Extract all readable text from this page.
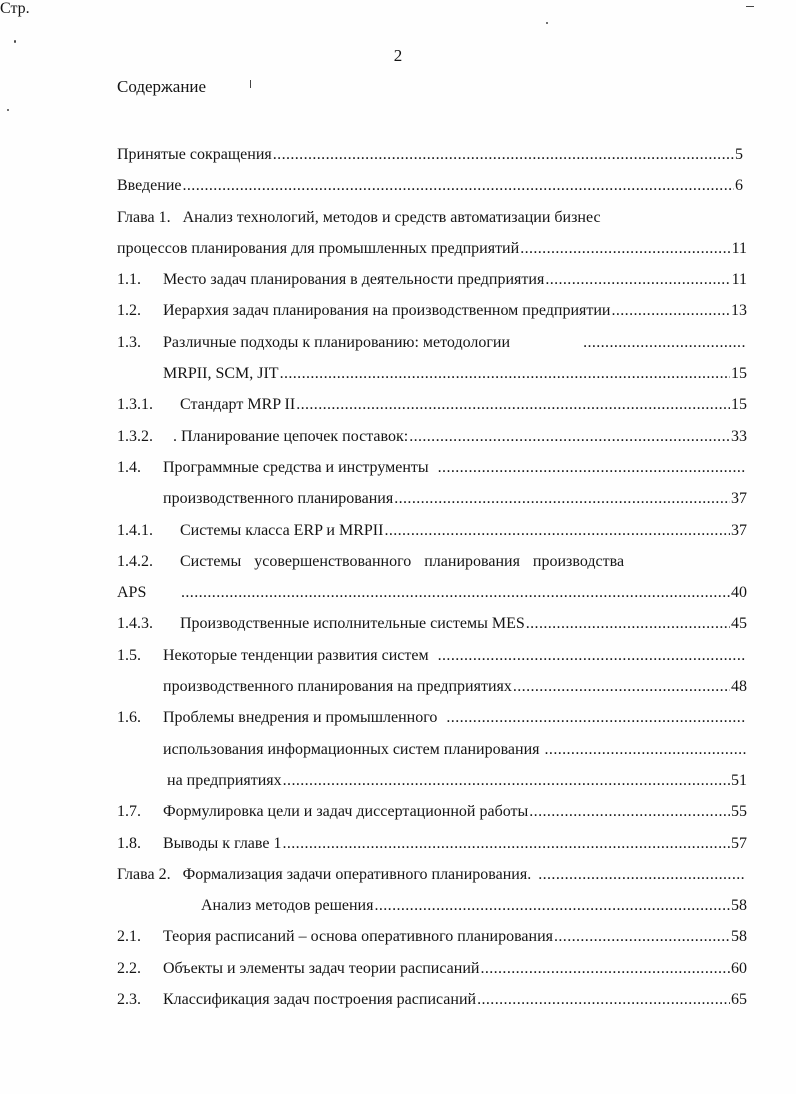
2
Содержание
Стр.
Принятые сокращения .....	5
Введение .....	6
Глава 1.   Анализ технологий, методов и средств автоматизации бизнес
процессов планирования для промышленных предприятий .....	11
1.1. Место задач планирования в деятельности предприятия .....	11
1.2. Иерархия задач планирования на производственном предприятии .....	13
1.3. Различные подходы к планированию: методологии
.....
MRPII, SCM, JIT .....	15
1.3.1. Стандарт MRP II .....	15
1.3.2. . Планирование цепочек поставок: .....	33
1.4. Программные средства и инструменты
.....
производственного планирования .....	37
1.4.1. Системы класса ERP и MRPII .....	37
1.4.2. Системы усовершенствованного планирования производства
APS .....	40
1.4.3. Производственные исполнительные системы MES .....	45
1.5. Некоторые тенденции развития систем
.....
производственного планирования на предприятиях .....	48
1.6. Проблемы внедрения и промышленного
.....
использования информационных систем планирования
.....
на предприятиях .....	51
1.7. Формулировка цели и задач диссертационной работы .....	55
1.8. Выводы к главе 1 .....	57
Глава 2.   Формализация задачи оперативного планирования.
.....
Анализ методов решения .....	58
2.1. Теория расписаний – основа оперативного планирования .....	58
2.2. Объекты и элементы задач теории расписаний .....	60
2.3. Классификация задач построения расписаний .....	65
